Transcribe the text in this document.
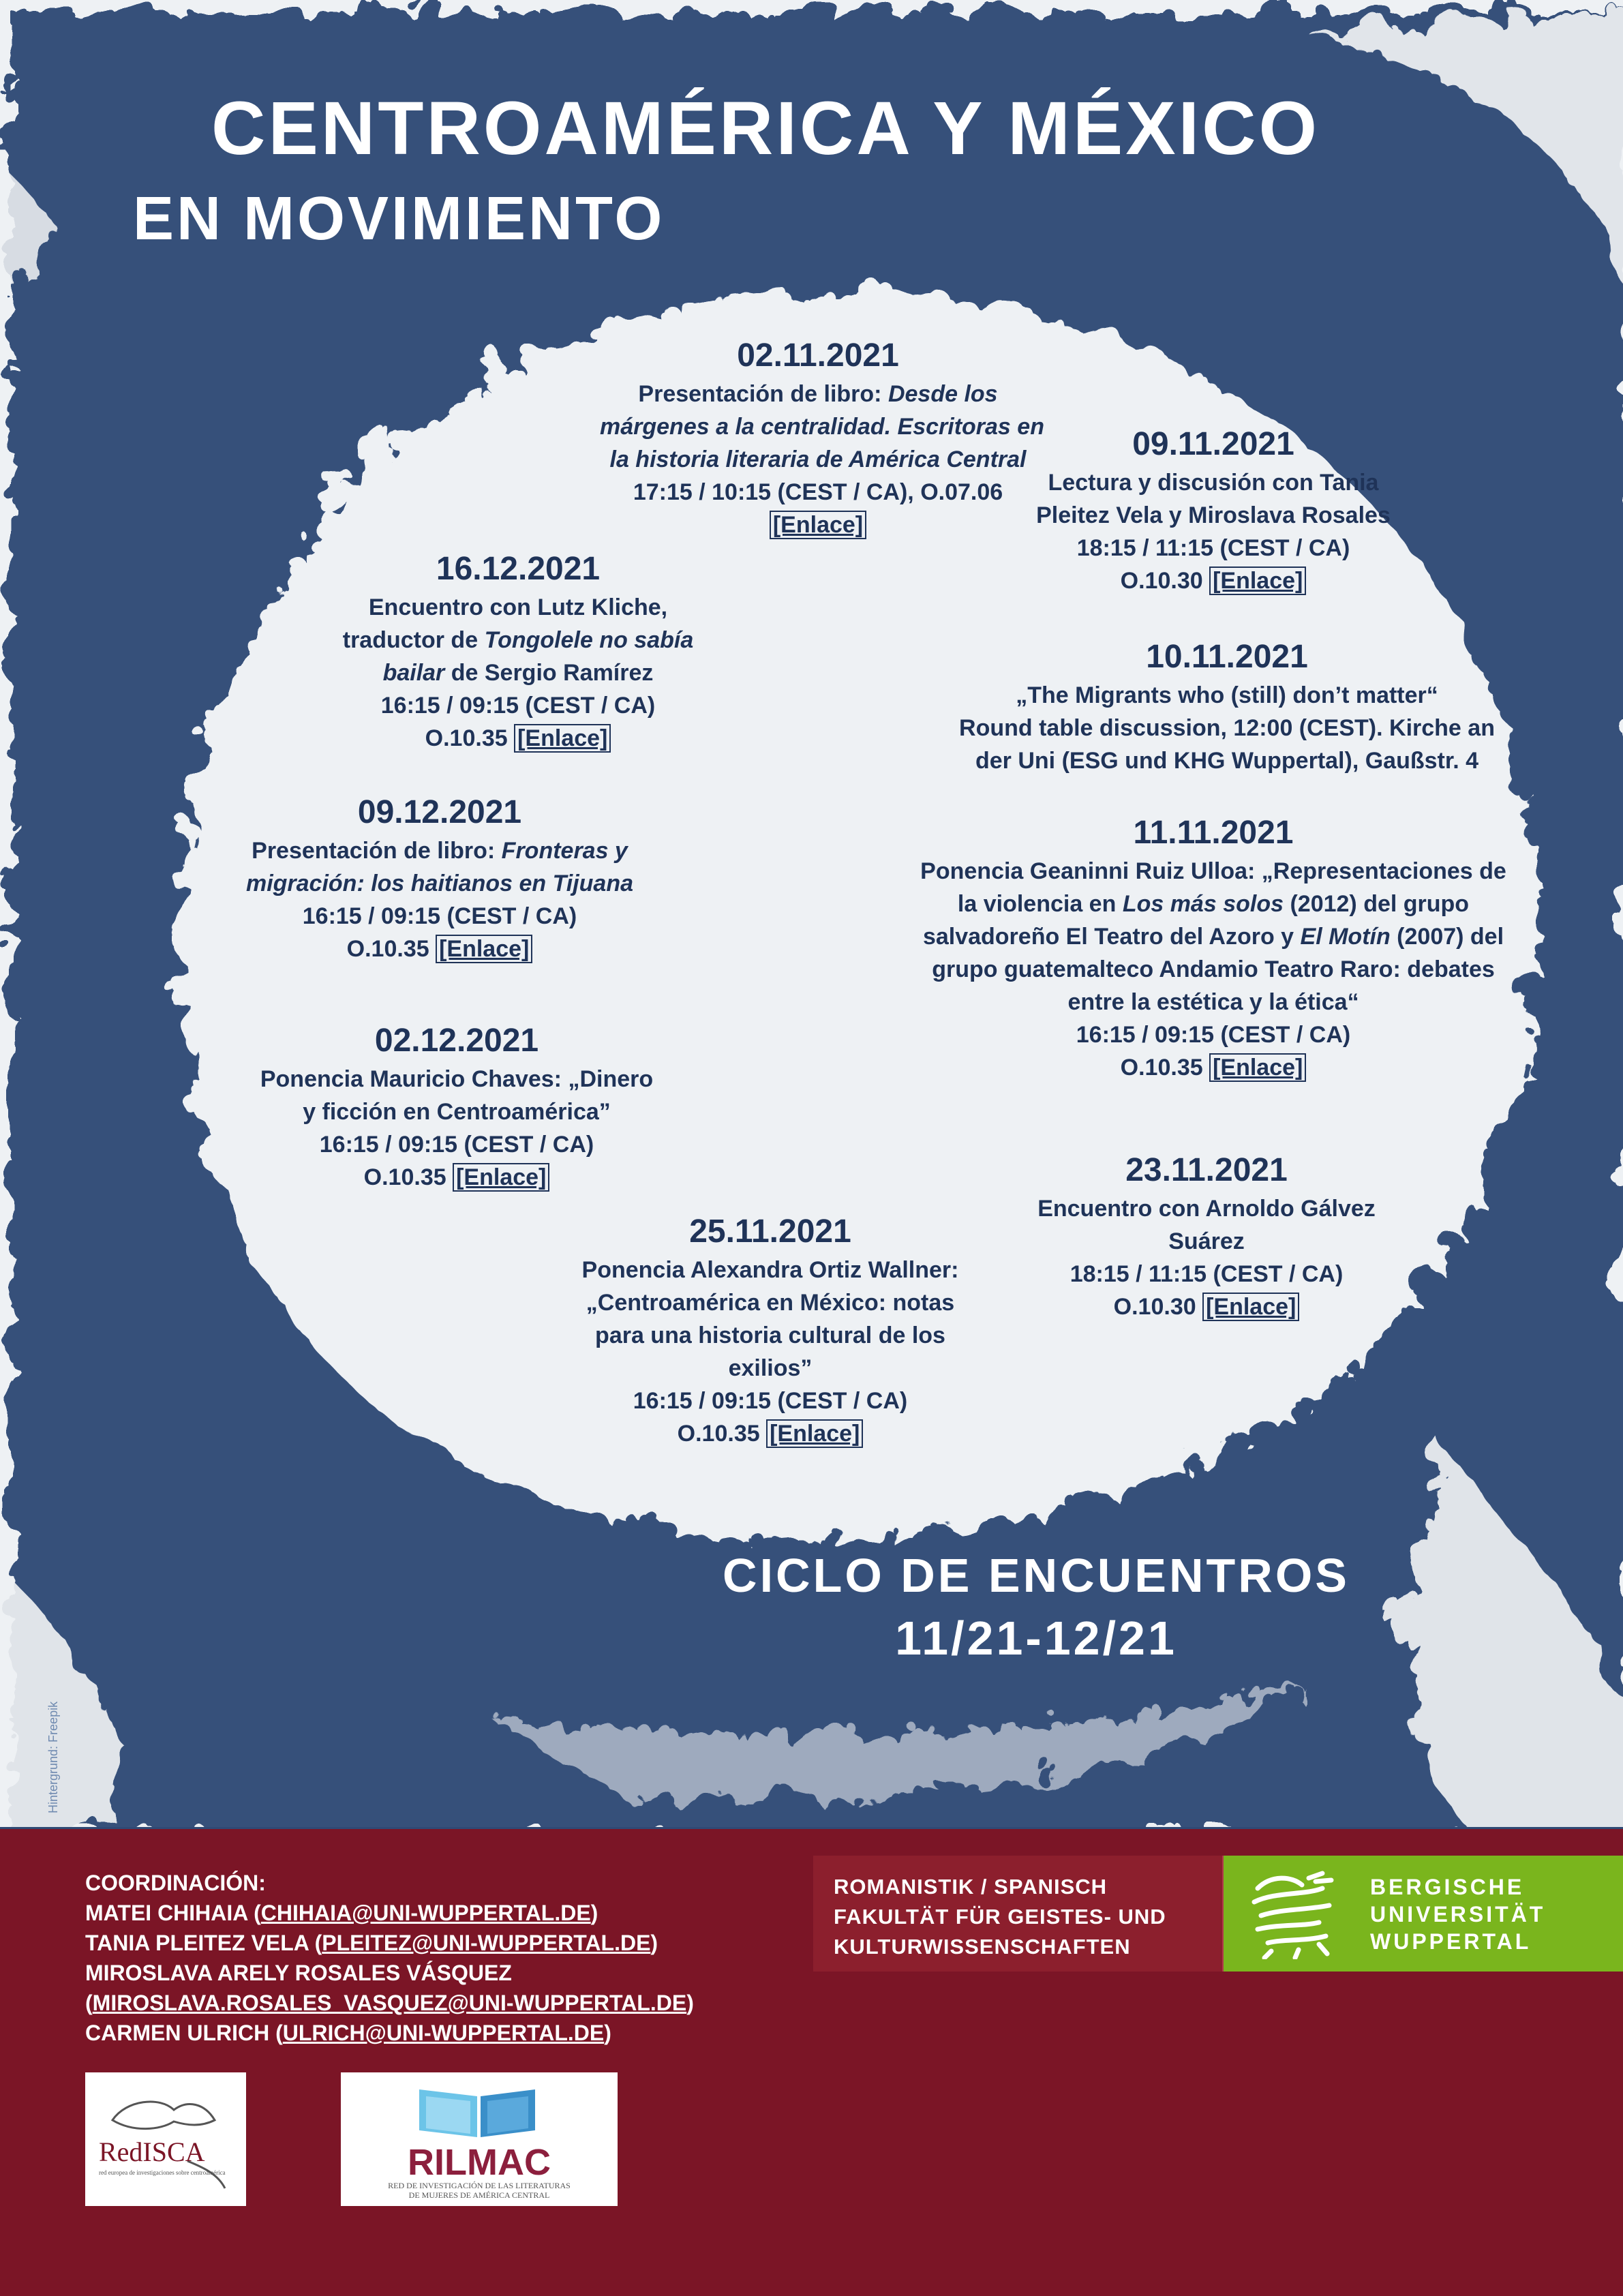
CENTROAMÉRICA Y MÉXICO
EN MOVIMIENTO
02.11.2021
Presentación de libro: Desde los
márgenes a la centralidad. Escritoras en
la historia literaria de América Central
17:15 / 10:15 (CEST / CA), O.07.06
[Enlace]
09.11.2021
Lectura y discusión con Tania
Pleitez Vela y Miroslava Rosales
18:15 / 11:15 (CEST / CA)
O.10.30 [Enlace]
16.12.2021
Encuentro con Lutz Kliche,
traductor de Tongolele no sabía
bailar de Sergio Ramírez
16:15 / 09:15 (CEST / CA)
O.10.35 [Enlace]
10.11.2021
„The Migrants who (still) don’t matter“
Round table discussion, 12:00 (CEST). Kirche an
der Uni (ESG und KHG Wuppertal), Gaußstr. 4
09.12.2021
Presentación de libro: Fronteras y
migración: los haitianos en Tijuana
16:15 / 09:15 (CEST / CA)
O.10.35 [Enlace]
11.11.2021
Ponencia Geaninni Ruiz Ulloa: „Representaciones de
la violencia en Los más solos (2012) del grupo
salvadoreño El Teatro del Azoro y El Motín (2007) del
grupo guatemalteco Andamio Teatro Raro: debates
entre la estética y la ética“
16:15 / 09:15 (CEST / CA)
O.10.35 [Enlace]
02.12.2021
Ponencia Mauricio Chaves: „Dinero
y ficción en Centroamérica”
16:15 / 09:15 (CEST / CA)
O.10.35 [Enlace]	23.11.2021
Encuentro con Arnoldo Gálvez
Suárez
18:15 / 11:15 (CEST / CA)
O.10.30 [Enlace]
25.11.2021
Ponencia Alexandra Ortiz Wallner:
„Centroamérica en México: notas
para una historia cultural de los
exilios”
16:15 / 09:15 (CEST / CA)
O.10.35 [Enlace]
CICLO DE ENCUENTROS
11/21-12/21
Hintergrund: Freepik
COORDINACIÓN:
MATEI CHIHAIA (CHIHAIA@UNI-WUPPERTAL.DE)
TANIA PLEITEZ VELA (PLEITEZ@UNI-WUPPERTAL.DE)
MIROSLAVA ARELY ROSALES VÁSQUEZ
(MIROSLAVA.ROSALES_VASQUEZ@UNI-WUPPERTAL.DE)
CARMEN ULRICH (ULRICH@UNI-WUPPERTAL.DE)
ROMANISTIK / SPANISCH
FAKULTÄT FÜR GEISTES- UND
KULTURWISSENSCHAFTEN
BERGISCHE
UNIVERSITÄT
WUPPERTAL
RedISCA
red europea de investigaciones sobre centroamérica	RILMAC
RED DE INVESTIGACIÓN DE LAS LITERATURAS
DE MUJERES DE AMÉRICA CENTRAL
